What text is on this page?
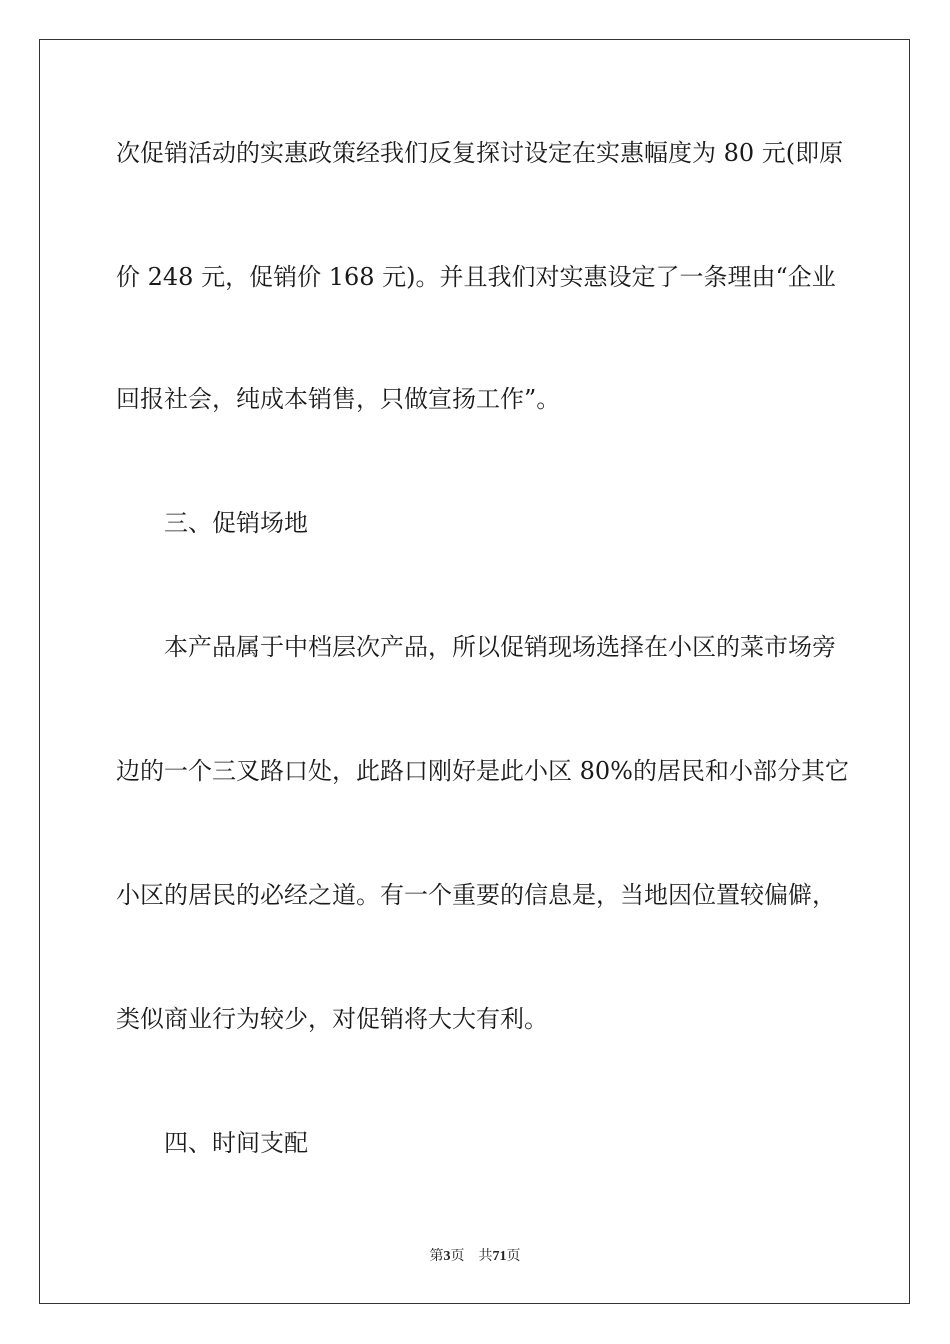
次促销活动的实惠政策经我们反复探讨设定在实惠幅度为 80 元(即原
价 248 元，促销价 168 元)。并且我们对实惠设定了一条理由“企业
回报社会，纯成本销售，只做宣扬工作”。
三、促销场地
本产品属于中档层次产品，所以促销现场选择在小区的菜市场旁
边的一个三叉路口处，此路口刚好是此小区 80%的居民和小部分其它
小区的居民的必经之道。有一个重要的信息是，当地因位置较偏僻，
类似商业行为较少，对促销将大大有利。
四、时间支配
第3页 共71页
